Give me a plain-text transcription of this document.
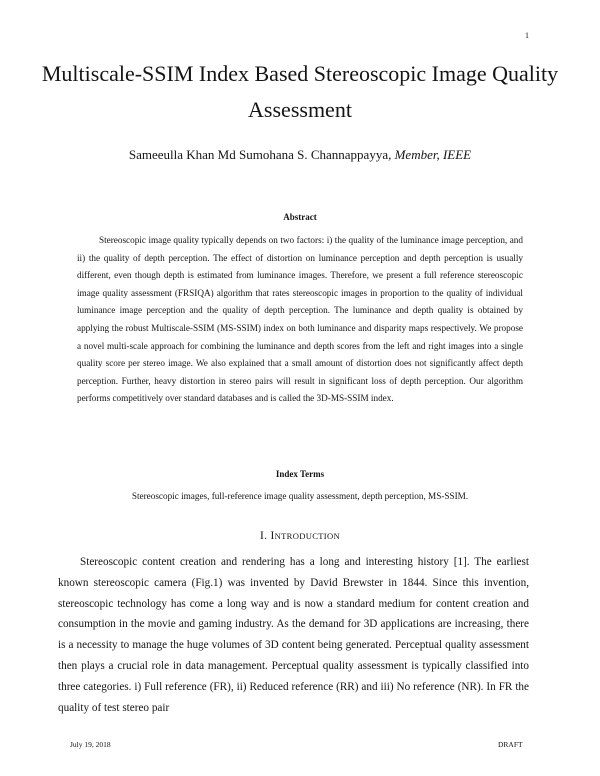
1
Multiscale-SSIM Index Based Stereoscopic Image Quality Assessment
Sameeulla Khan Md Sumohana S. Channappayya, Member, IEEE
Abstract

Stereoscopic image quality typically depends on two factors: i) the quality of the luminance image perception, and ii) the quality of depth perception. The effect of distortion on luminance perception and depth perception is usually different, even though depth is estimated from luminance images. Therefore, we present a full reference stereoscopic image quality assessment (FRSIQA) algorithm that rates stereoscopic images in proportion to the quality of individual luminance image perception and the quality of depth perception. The luminance and depth quality is obtained by applying the robust Multiscale-SSIM (MS-SSIM) index on both luminance and disparity maps respectively. We propose a novel multi-scale approach for combining the luminance and depth scores from the left and right images into a single quality score per stereo image. We also explained that a small amount of distortion does not significantly affect depth perception. Further, heavy distortion in stereo pairs will result in significant loss of depth perception. Our algorithm performs competitively over standard databases and is called the 3D-MS-SSIM index.

Index Terms
Stereoscopic images, full-reference image quality assessment, depth perception, MS-SSIM.
I. INTRODUCTION

Stereoscopic content creation and rendering has a long and interesting history [1]. The earliest known stereoscopic camera (Fig.1) was invented by David Brewster in 1844. Since this invention, stereoscopic technology has come a long way and is now a standard medium for content creation and consumption in the movie and gaming industry. As the demand for 3D applications are increasing, there is a necessity to manage the huge volumes of 3D content being generated. Perceptual quality assessment then plays a crucial role in data management. Perceptual quality assessment is typically classified into three categories. i) Full reference (FR), ii) Reduced reference (RR) and iii) No reference (NR). In FR the quality of test stereo pair

July 19, 2018	DRAFT
